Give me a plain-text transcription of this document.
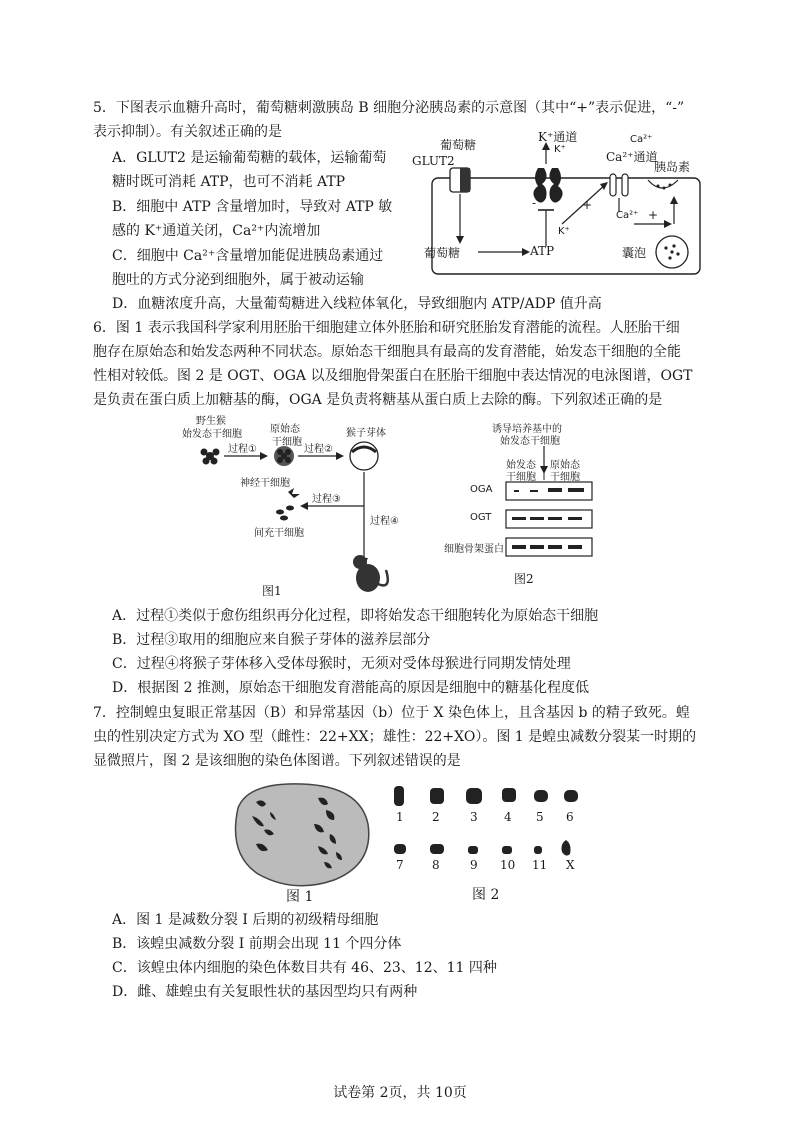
5．下图表示血糖升高时，葡萄糖刺激胰岛 B 细胞分泌胰岛素的示意图（其中“+”表示促进，“-”
表示抑制）。有关叙述正确的是
A．GLUT2 是运输葡萄糖的载体，运输葡萄
糖时既可消耗 ATP，也可不消耗 ATP
B．细胞中 ATP 含量增加时，导致对 ATP 敏
感的 K⁺通道关闭，Ca²⁺内流增加
C．细胞中 Ca²⁺含量增加能促进胰岛素通过
胞吐的方式分泌到细胞外，属于被动运输
D．血糖浓度升高，大量葡萄糖进入线粒体氧化，导致细胞内 ATP/ADP 值升高
葡萄糖
GLUT2
K⁺通道
K⁺
K⁺
Ca²⁺
Ca²⁺通道
胰岛素
Ca²⁺
葡萄糖	ATP	囊泡
-	+
+
6．图 1 表示我国科学家利用胚胎干细胞建立体外胚胎和研究胚胎发育潜能的流程。人胚胎干细
胞存在原始态和始发态两种不同状态。原始态干细胞具有最高的发育潜能，始发态干细胞的全能
性相对较低。图 2 是 OGT、OGA 以及细胞骨架蛋白在胚胎干细胞中表达情况的电泳图谱，OGT
是负责在蛋白质上加糖基的酶，OGA 是负责将糖基从蛋白质上去除的酶。下列叙述正确的是
野生猴
始发态干细胞	原始态
干细胞
猴子芽体
过程①	过程②
过程③
过程④
神经干细胞
间充干细胞
图1
诱导培养基中的
始发态干细胞
始发态
干细胞
原始态
干细胞
OGA
OGT
细胞骨架蛋白
图2
A．过程①类似于愈伤组织再分化过程，即将始发态干细胞转化为原始态干细胞
B．过程③取用的细胞应来自猴子芽体的滋养层部分
C．过程④将猴子芽体移入受体母猴时，无须对受体母猴进行同期发情处理
D．根据图 2 推测，原始态干细胞发育潜能高的原因是细胞中的糖基化程度低
7．控制蝗虫复眼正常基因（B）和异常基因（b）位于 X 染色体上，且含基因 b 的精子致死。蝗
虫的性别决定方式为 XO 型（雌性：22+XX；雄性：22+XO）。图 1 是蝗虫减数分裂某一时期的
显微照片，图 2 是该细胞的染色体图谱。下列叙述错误的是
图 1
1 2	3 4 5 6
7 8	9 10 11 X
图 2
A．图 1 是减数分裂 I 后期的初级精母细胞
B．该蝗虫减数分裂 I 前期会出现 11 个四分体
C．该蝗虫体内细胞的染色体数目共有 46、23、12、11 四种
D．雌、雄蝗虫有关复眼性状的基因型均只有两种
试卷第 2页，共 10页
